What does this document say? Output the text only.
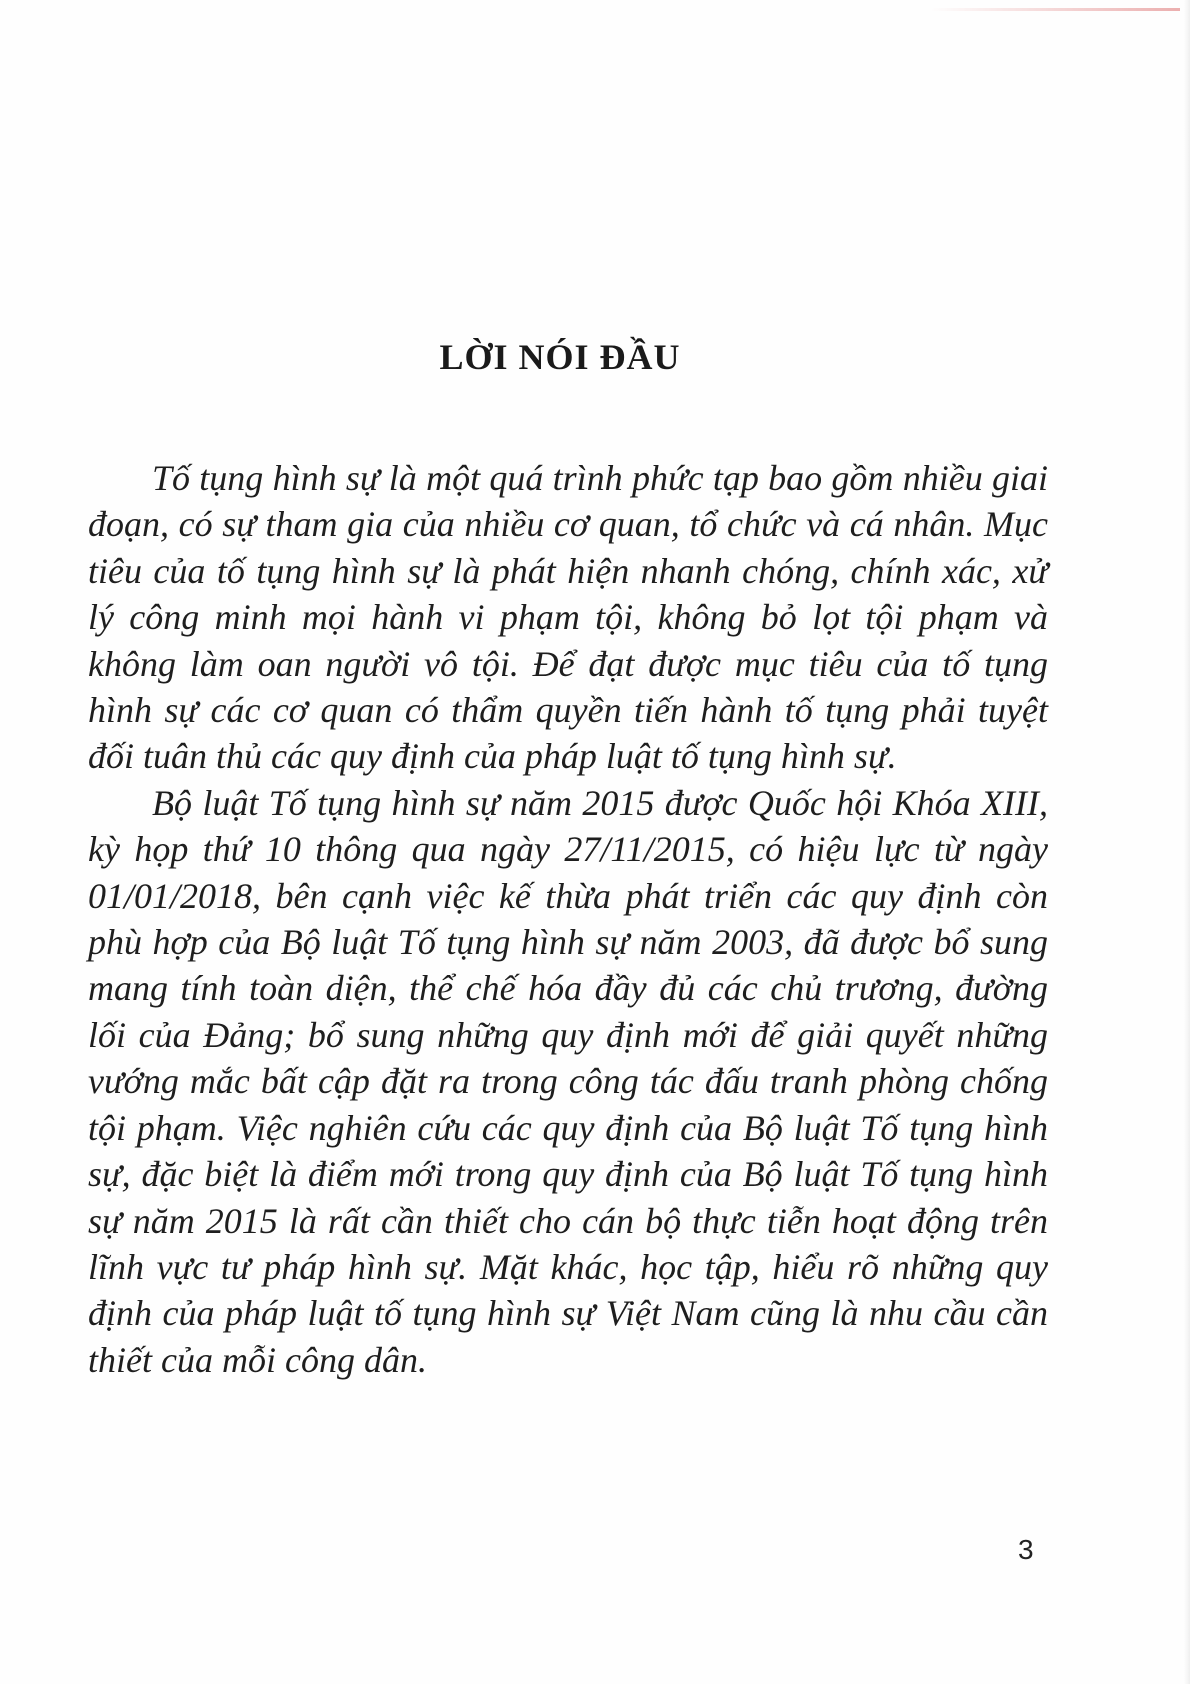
LỜI NÓI ĐẦU

Tố tụng hình sự là một quá trình phức tạp bao gồm nhiều giai đoạn, có sự tham gia của nhiều cơ quan, tổ chức và cá nhân. Mục tiêu của tố tụng hình sự là phát hiện nhanh chóng, chính xác, xử lý công minh mọi hành vi phạm tội, không bỏ lọt tội phạm và không làm oan người vô tội. Để đạt được mục tiêu của tố tụng hình sự các cơ quan có thẩm quyền tiến hành tố tụng phải tuyệt đối tuân thủ các quy định của pháp luật tố tụng hình sự.

Bộ luật Tố tụng hình sự năm 2015 được Quốc hội Khóa XIII, kỳ họp thứ 10 thông qua ngày 27/11/2015, có hiệu lực từ ngày 01/01/2018, bên cạnh việc kế thừa phát triển các quy định còn phù hợp của Bộ luật Tố tụng hình sự năm 2003, đã được bổ sung mang tính toàn diện, thể chế hóa đầy đủ các chủ trương, đường lối của Đảng; bổ sung những quy định mới để giải quyết những vướng mắc bất cập đặt ra trong công tác đấu tranh phòng chống tội phạm. Việc nghiên cứu các quy định của Bộ luật Tố tụng hình sự, đặc biệt là điểm mới trong quy định của Bộ luật Tố tụng hình sự năm 2015 là rất cần thiết cho cán bộ thực tiễn hoạt động trên lĩnh vực tư pháp hình sự. Mặt khác, học tập, hiểu rõ những quy định của pháp luật tố tụng hình sự Việt Nam cũng là nhu cầu cần thiết của mỗi công dân.

3
